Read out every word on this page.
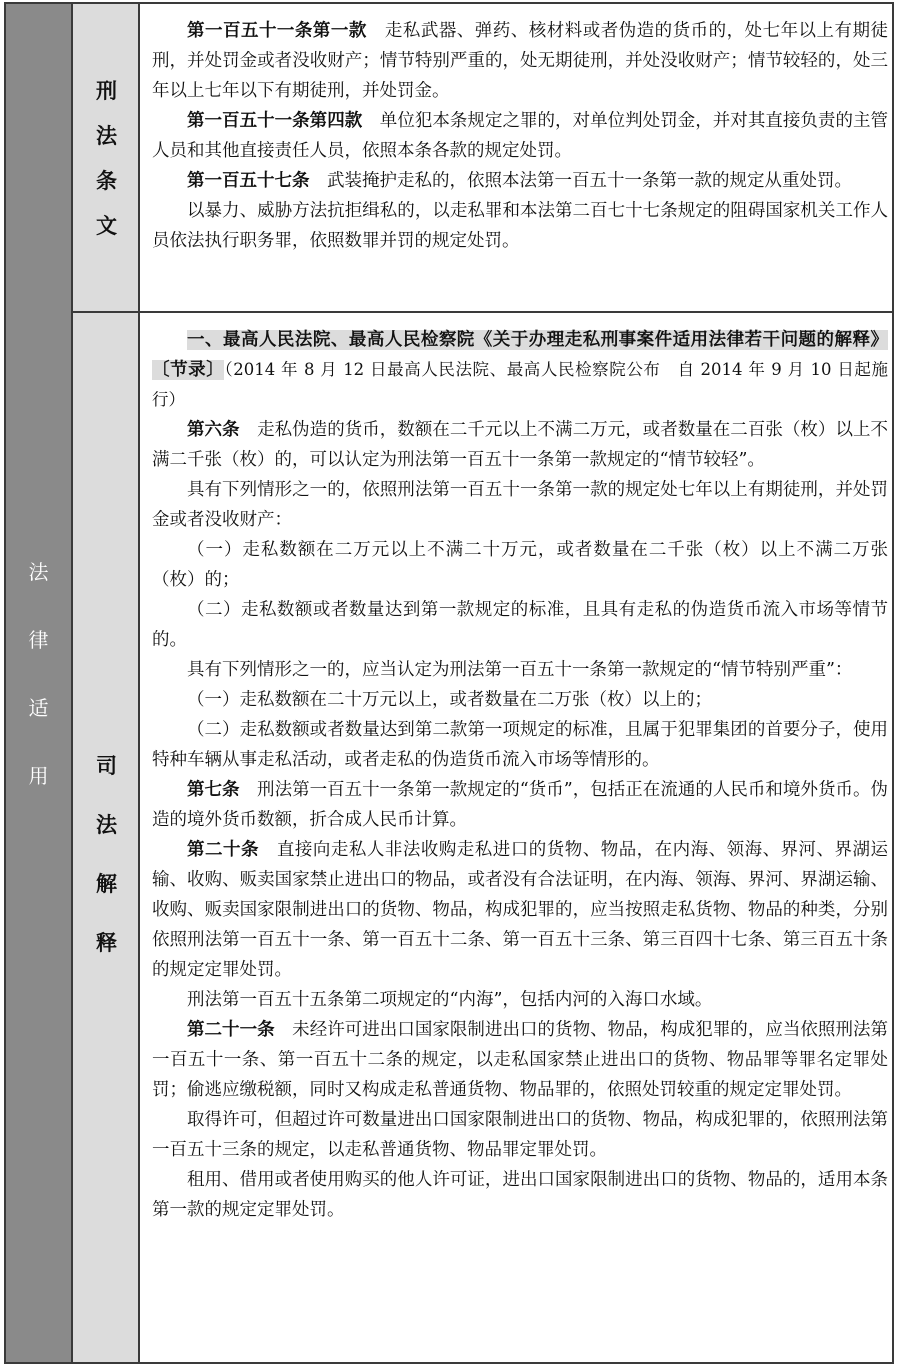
法
律
适
用
刑
法
条
文
司
法
解
释

第一百五十一条第一款　走私武器、弹药、核材料或者伪造的货币的，处七年以上有期徒刑，并处罚金或者没收财产；情节特别严重的，处无期徒刑，并处没收财产；情节较轻的，处三年以上七年以下有期徒刑，并处罚金。

第一百五十一条第四款　单位犯本条规定之罪的，对单位判处罚金，并对其直接负责的主管人员和其他直接责任人员，依照本条各款的规定处罚。

第一百五十七条　武装掩护走私的，依照本法第一百五十一条第一款的规定从重处罚。

以暴力、威胁方法抗拒缉私的，以走私罪和本法第二百七十七条规定的阻碍国家机关工作人员依法执行职务罪，依照数罪并罚的规定处罚。

一、最高人民法院、最高人民检察院《关于办理走私刑事案件适用法律若干问题的解释》〔节录〕（2014 年 8 月 12 日最高人民法院、最高人民检察院公布　自 2014 年 9 月 10 日起施行）

第六条　走私伪造的货币，数额在二千元以上不满二万元，或者数量在二百张（枚）以上不满二千张（枚）的，可以认定为刑法第一百五十一条第一款规定的“情节较轻”。

具有下列情形之一的，依照刑法第一百五十一条第一款的规定处七年以上有期徒刑，并处罚金或者没收财产：

（一）走私数额在二万元以上不满二十万元，或者数量在二千张（枚）以上不满二万张（枚）的；

（二）走私数额或者数量达到第一款规定的标准，且具有走私的伪造货币流入市场等情节的。

具有下列情形之一的，应当认定为刑法第一百五十一条第一款规定的“情节特别严重”：

（一）走私数额在二十万元以上，或者数量在二万张（枚）以上的；

（二）走私数额或者数量达到第二款第一项规定的标准，且属于犯罪集团的首要分子，使用特种车辆从事走私活动，或者走私的伪造货币流入市场等情形的。

第七条　刑法第一百五十一条第一款规定的“货币”，包括正在流通的人民币和境外货币。伪造的境外货币数额，折合成人民币计算。

第二十条　直接向走私人非法收购走私进口的货物、物品，在内海、领海、界河、界湖运输、收购、贩卖国家禁止进出口的物品，或者没有合法证明，在内海、领海、界河、界湖运输、收购、贩卖国家限制进出口的货物、物品，构成犯罪的，应当按照走私货物、物品的种类，分别依照刑法第一百五十一条、第一百五十二条、第一百五十三条、第三百四十七条、第三百五十条的规定定罪处罚。

刑法第一百五十五条第二项规定的“内海”，包括内河的入海口水域。

第二十一条　未经许可进出口国家限制进出口的货物、物品，构成犯罪的，应当依照刑法第一百五十一条、第一百五十二条的规定，以走私国家禁止进出口的货物、物品罪等罪名定罪处罚；偷逃应缴税额，同时又构成走私普通货物、物品罪的，依照处罚较重的规定定罪处罚。

取得许可，但超过许可数量进出口国家限制进出口的货物、物品，构成犯罪的，依照刑法第一百五十三条的规定，以走私普通货物、物品罪定罪处罚。

租用、借用或者使用购买的他人许可证，进出口国家限制进出口的货物、物品的，适用本条第一款的规定定罪处罚。
